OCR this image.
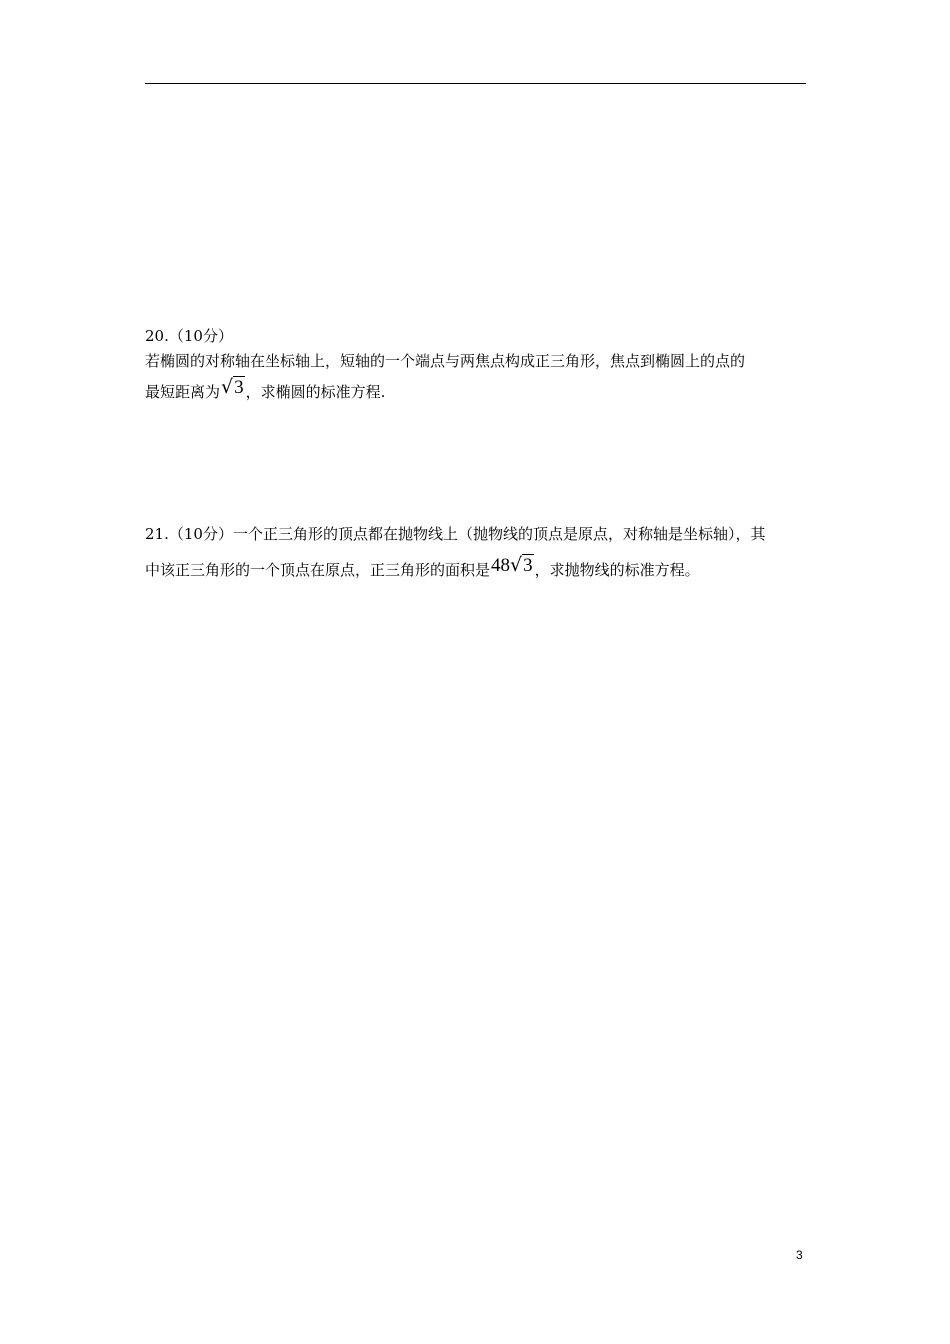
20.（10分）
若椭圆的对称轴在坐标轴上，短轴的一个端点与两焦点构成正三角形，焦点到椭圆上的点的
最短距离为√3 ，求椭圆的标准方程.
21.（10分）一个正三角形的顶点都在抛物线上（抛物线的顶点是原点，对称轴是坐标轴），其
中该正三角形的一个顶点在原点，正三角形的面积是48√3 ，求抛物线的标准方程。
3
